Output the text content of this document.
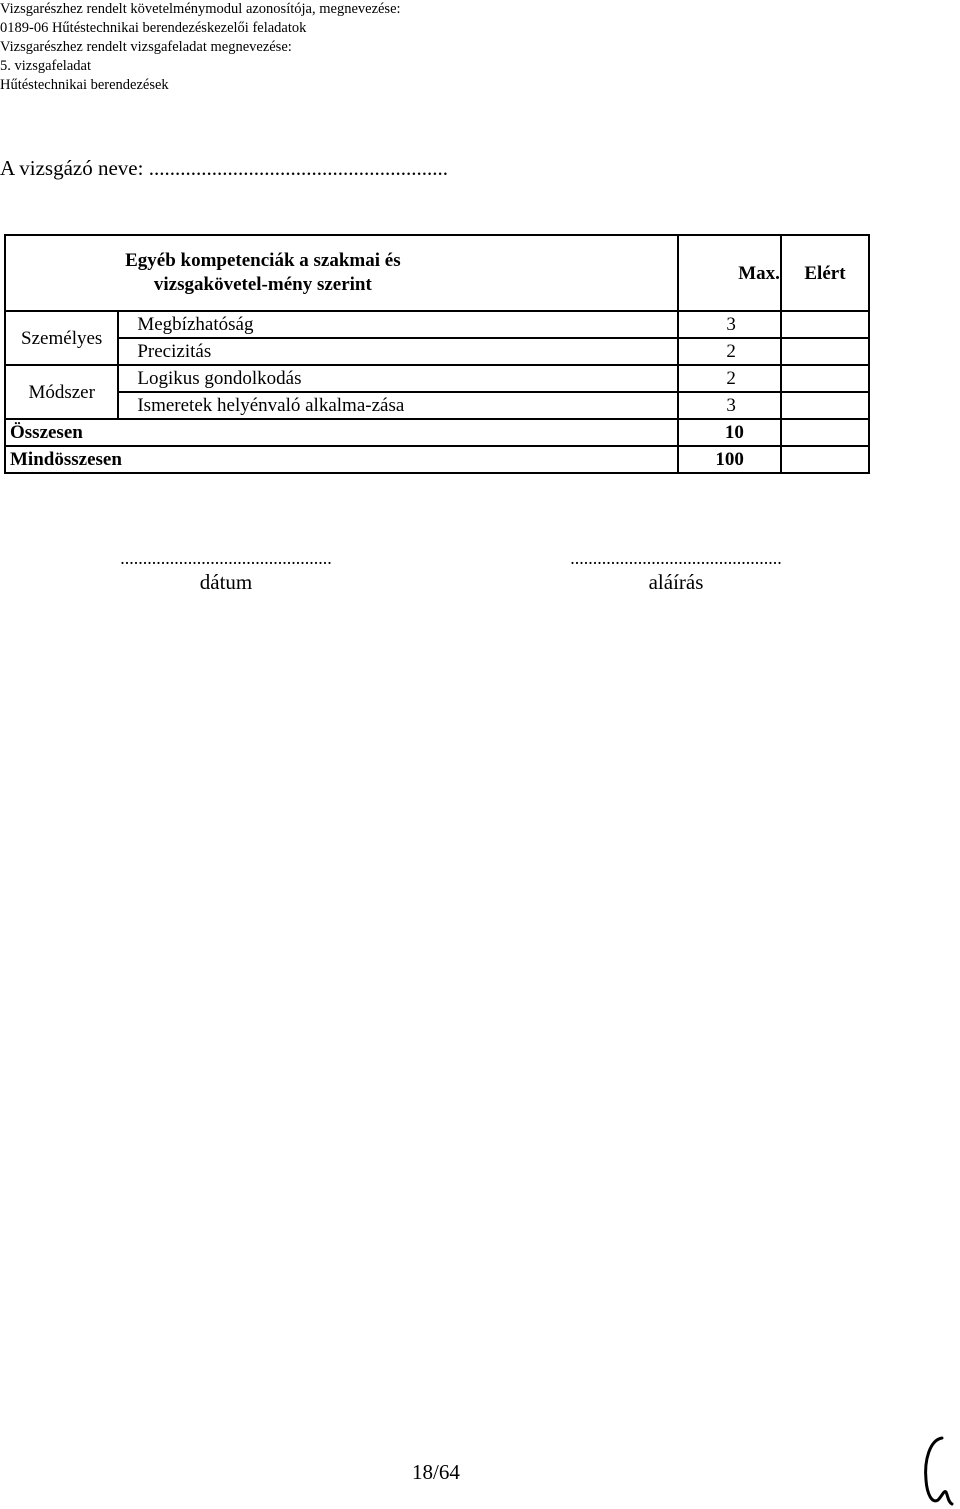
Vizsgarészhez rendelt követelménymodul azonosítója, megnevezése:
0189-06 Hűtéstechnikai berendezéskezelői feladatok
Vizsgarészhez rendelt vizsgafeladat megnevezése:
5. vizsgafeladat
Hűtéstechnikai berendezések
A vizsgázó neve: .........................................................

	Egyéb kompetenciák a szakmai és vizsgakövetel-mény szerint		Max.	Elért
Személyes	Megbízhatóság		3	
	Precizitás		2	
Módszer	Logikus gondolkodás		2	

	Ismeretek helyénvaló alkalma-zása		3	
Összesen			10	
Mindösszesen			100	
...............................................
dátum
...............................................
aláírás
18/64
